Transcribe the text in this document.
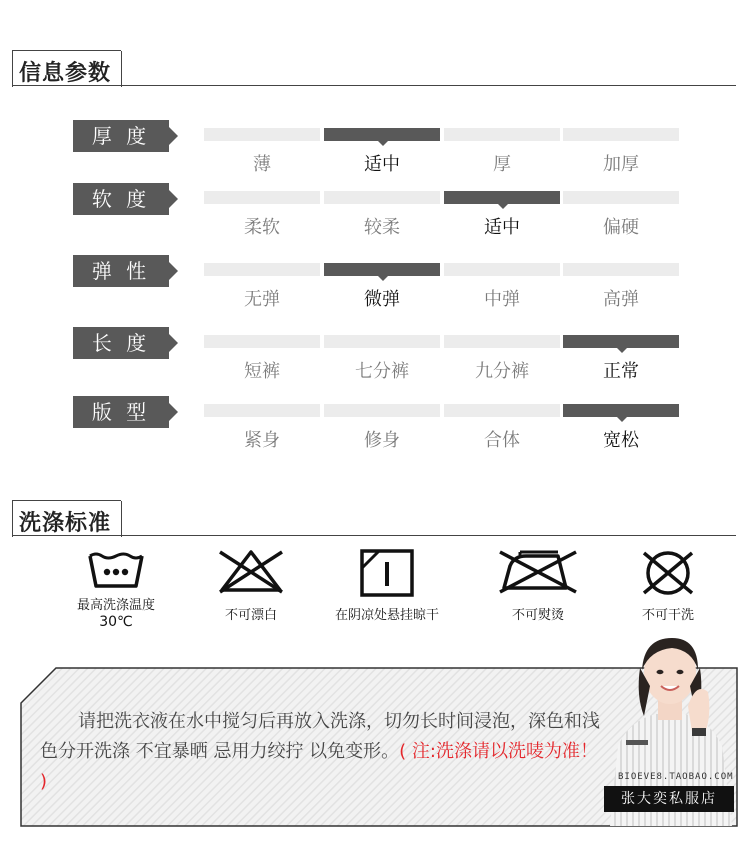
信息参数
厚 度
薄	适中	厚	加厚
软 度
柔软	较柔	适中	偏硬
弹 性
无弹	微弹	中弹	高弹
长 度
短裤	七分裤	九分裤	正常
版 型
紧身	修身	合体	宽松
洗涤标准
最高洗涤温度
30℃	不可漂白	在阴凉处悬挂晾干	不可熨烫	不可干洗
请把洗衣液在水中搅匀后再放入洗涤，切勿长时间浸泡，深色和浅
色分开洗涤 不宜暴晒 忌用力绞拧 以免变形。( 注:洗涤请以洗唛为准！ )	BIOEVE8.TAOBAO.COM
张大奕私服店
